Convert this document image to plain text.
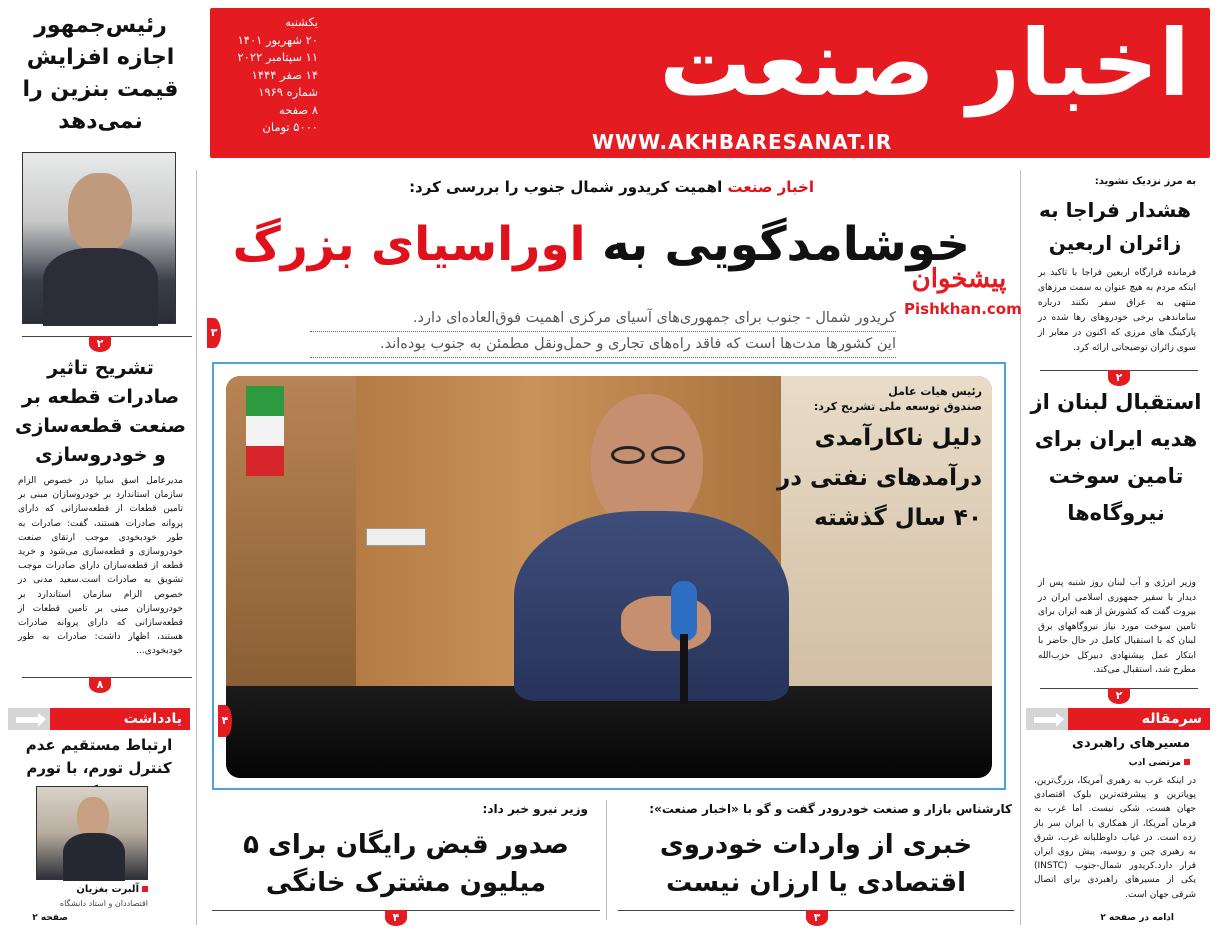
اخبار صنعت
WWW.AKHBARESANAT.IR
یکشنبه
۲۰ شهریور ۱۴۰۱
۱۱ سپتامبر ۲۰۲۲
۱۴ صفر ۱۴۴۴
شماره ۱۹۶۹
۸ صفحه
۵۰۰۰ تومان
رئیس‌جمهور اجازه افزایش قیمت بنزین را نمی‌دهد
۲
تشریح تاثیر صادرات قطعه بر صنعت قطعه‌سازی و خودروسازی
مدیرعامل اسق سایپا در خصوص الزام سازمان استاندارد بر خودروسازان مبنی بر تامین قطعات از قطعه‌سازانی که دارای پروانه صادرات هستند، گفت: صادرات به طور خودبخودی موجب ارتقای صنعت خودروسازی و قطعه‌سازی می‌شود و خرید قطعه از قطعه‌سازان دارای صادرات موجب تشویق به صادرات است.سعید مدنی در خصوص الزام سازمان استاندارد بر خودروسازان مبنی بر تامین قطعات از قطعه‌سازانی که دارای پروانه صادرات هستند، اظهار داشت: صادرات به طور خودبخودی...
۸
یادداشت
ارتباط مستقیم عدم کنترل تورم، با تورم
آلبرت بغزیان
اقتصاددان و استاد دانشگاه
صفحه ۲
اخبار صنعت اهمیت کریدور شمال جنوب را بررسی کرد:
خوشامدگویی به اوراسیای بزرگ
کریدور شمال - جنوب برای جمهوری‌های آسیای مرکزی اهمیت فوق‌العاده‌ای دارد.
این کشورها مدت‌ها است که فاقد راه‌های تجاری و حمل‌ونقل مطمئن به جنوب بوده‌اند.
۳
پیشخوان
Pishkhan.com
رئیس هیات عامل
صندوق توسعه ملی تشریح کرد:
دلیل ناکارآمدی درآمدهای نفتی در ۴۰ سال گذشته
۴
کارشناس بازار و صنعت خودرودر گفت و گو با «اخبار صنعت»:
خبری از واردات خودروی اقتصادی یا ارزان نیست
۳
وزیر نیرو خبر داد:
صدور قبض رایگان برای ۵ میلیون مشترک خانگی
۴
به مرز نزدیک نشوید:
هشدار فراجا به زائران اربعین
فرمانده قرارگاه اربعین فراجا با تاکید بر اینکه مردم به هیچ عنوان به سمت مرزهای منتهی به عراق سفر نکنند درباره ساماندهی برخی خودروهای رها شده در پارکینگ های مرزی که اکنون در معابر از سوی زائران توضیحاتی ارائه کرد.
۲
استقبال لبنان از هدیه ایران برای تامین سوخت نیروگاه‌ها
وزیر انرژی و آب لبنان روز شنبه پس از دیدار با سفیر جمهوری اسلامی ایران در بیروت گفت که کشورش از هبه ایران برای تامین سوخت مورد نیاز نیروگاههای برق لبنان که با استقبال کامل در حال حاضر با ابتکار عمل پیشنهادی دبیرکل حزب‌الله مطرح شد، استقبال می‌کند.
۲
سرمقاله
مسیرهای راهبردی
مرتضی ادب
در اینکه غرب به رهبری آمریکا، بزرگ‌ترین، پویاترین و پیشرفته‌ترین بلوک اقتصادی جهان هست، شکی نیست. اما غرب به فرمان آمریکا، از همکاری با ایران سر باز زده است. در غیاب داوطلبانه غرب، شرق به رهبری چین و روسیه، پیش روی ایران قرار دارد.کریدور شمال-جنوب (INSTC) یکی از مسیرهای راهبردی برای اتصال شرقی جهان است.
ادامه در صفحه ۲
